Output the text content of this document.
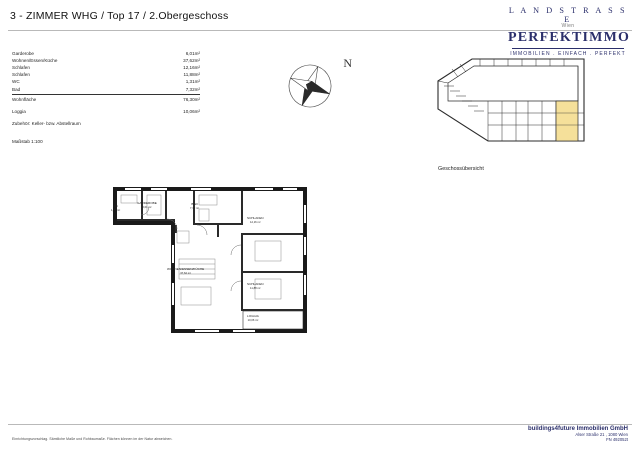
3 - ZIMMER WHG / Top 17 / 2.Obergeschoss	L A N D S T R A S S E
Wien
PERFEKTIMMO
IMMOBILIEN . EINFACH . PERFEKT
Garderobe	6,01m²
Wohnen/Essen/Küche	37,62m²
Schlafen	12,16m²
Schlafen	11,88m²
WC	1,31m²
Bad	7,32m²
Wohnfläche	76,30m²
Loggia	10,06m²
Zubehör: Keller- bzw. Abstellraum
Maßstab 1:100
N
Geschossübersicht
WC
1,31 m²
GARDEROBE
6,01 m²
BAD
7,32 m²
SCHLAFEN
12,16 m²
WOHNEN/ESSEN/KÜCHE
37,62 m²
SCHLAFEN
11,88 m²
LOGGIA
10,06 m²
Einrichtungsvorschlag. Sämtliche Maße und Rohbaumaße. Flächen können im der Natur abweichen.
buildings4future Immobilien GmbH
Alser Straße 21 , 1080 Wien
FN 492052t
